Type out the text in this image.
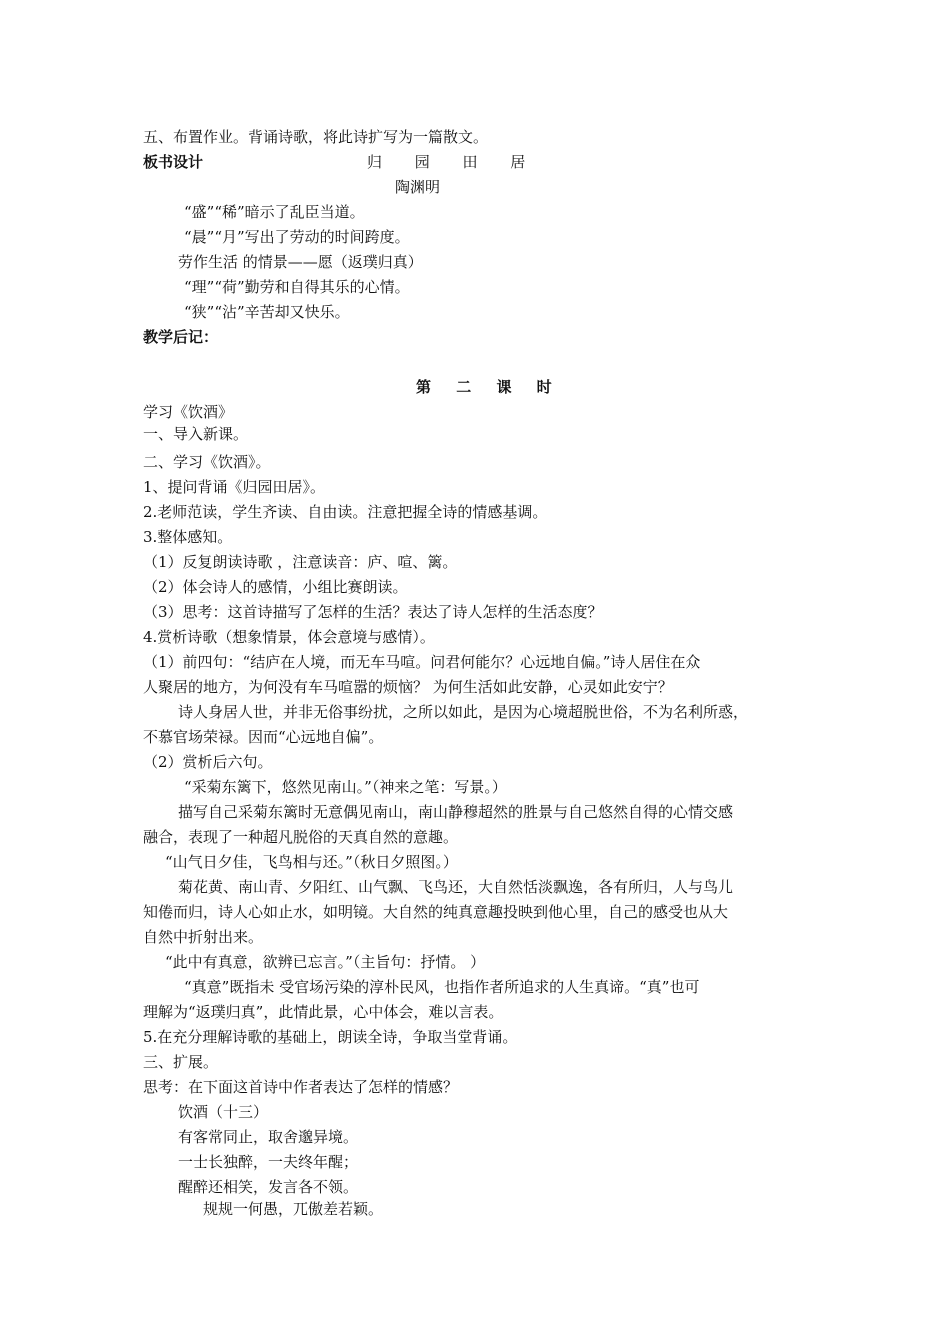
五、布置作业。背诵诗歌，将此诗扩写为一篇散文。
板书设计	归 园 田 居
陶渊明
“盛”“稀”暗示了乱臣当道。
“晨”“月”写出了劳动的时间跨度。
劳作生活 的情景——愿（返璞归真）
“理”“荷”勤劳和自得其乐的心情。
“狭”“沾”辛苦却又快乐。
教学后记：
第 二 课 时
学习《饮酒》
一、导入新课。
二、学习《饮酒》。
1、提问背诵《归园田居》。
2.老师范读，学生齐读、自由读。注意把握全诗的情感基调。
3.整体感知。
（1）反复朗读诗歌 ，注意读音：庐、喧、篱。
（2）体会诗人的感情，小组比赛朗读。
（3）思考：这首诗描写了怎样的生活？表达了诗人怎样的生活态度？
4.赏析诗歌（想象情景，体会意境与感情）。
（1）前四句：“结庐在人境，而无车马喧。问君何能尔？心远地自偏。”诗人居住在众
人聚居的地方，为何没有车马喧嚣的烦恼？ 为何生活如此安静，心灵如此安宁？
诗人身居人世，并非无俗事纷扰，之所以如此，是因为心境超脱世俗，不为名利所惑，
不慕官场荣禄。因而“心远地自偏”。
（2）赏析后六句。
“采菊东篱下，悠然见南山。”（神来之笔：写景。）
描写自己采菊东篱时无意偶见南山，南山静穆超然的胜景与自己悠然自得的心情交感
融合，表现了一种超凡脱俗的天真自然的意趣。
“山气日夕佳，飞鸟相与还。”（秋日夕照图。）
菊花黄、南山青、夕阳红、山气飘、飞鸟还，大自然恬淡飘逸，各有所归，人与鸟儿
知倦而归，诗人心如止水，如明镜。大自然的纯真意趣投映到他心里，自己的感受也从大
自然中折射出来。
“此中有真意，欲辨已忘言。”（主旨句：抒情。 ）
“真意”既指未 受官场污染的淳朴民风，也指作者所追求的人生真谛。“真”也可
理解为“返璞归真”，此情此景，心中体会，难以言表。
5.在充分理解诗歌的基础上，朗读全诗，争取当堂背诵。
三、扩展。
思考：在下面这首诗中作者表达了怎样的情感？
饮酒（十三）
有客常同止，取舍邈异境。
一士长独醉，一夫终年醒；
醒醉还相笑，发言各不领。
规规一何愚，兀傲差若颖。
